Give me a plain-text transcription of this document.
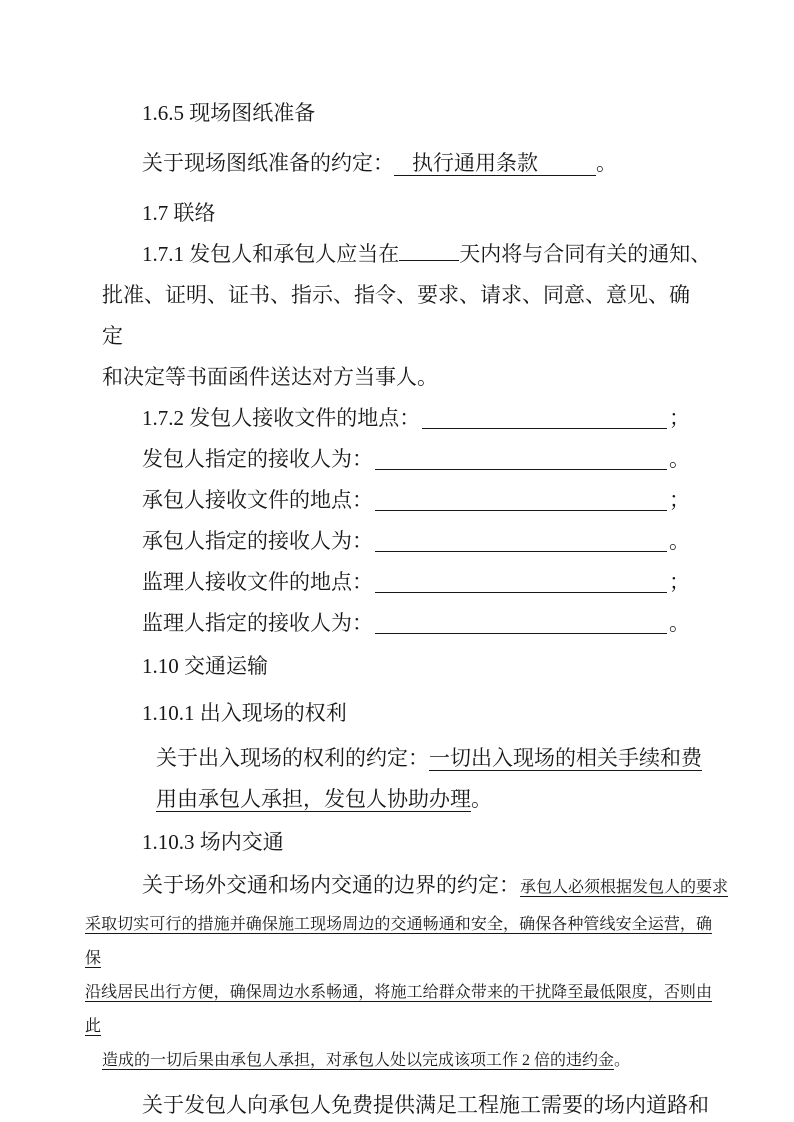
1.6.5 现场图纸准备
关于现场图纸准备的约定： 执行通用条款	。
1.7 联络
1.7.1 发包人和承包人应当在	天内将与合同有关的通知、
批准、证明、证书、指示、指令、要求、请求、同意、意见、确定
和决定等书面函件送达对方当事人。
1.7.2 发包人接收文件的地点：	；
发包人指定的接收人为：	。
承包人接收文件的地点：	；
承包人指定的接收人为：	。
监理人接收文件的地点：	；
监理人指定的接收人为：	。
1.10 交通运输
1.10.1 出入现场的权利
关于出入现场的权利的约定：一切出入现场的相关手续和费
用由承包人承担，发包人协助办理。
1.10.3 场内交通
关于场外交通和场内交通的边界的约定：承包人必须根据发包人的要求
采取切实可行的措施并确保施工现场周边的交通畅通和安全，确保各种管线安全运营，确保
沿线居民出行方便，确保周边水系畅通，将施工给群众带来的干扰降至最低限度，否则由此
造成的一切后果由承包人承担，对承包人处以完成该项工作 2 倍的违约金。
关于发包人向承包人免费提供满足工程施工需要的场内道路和
